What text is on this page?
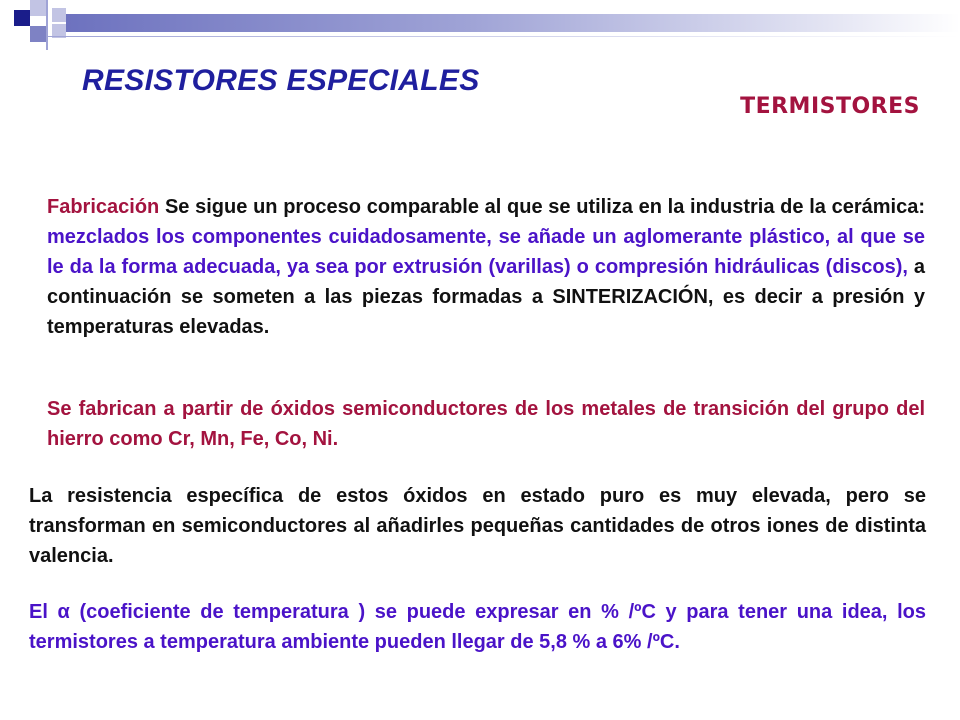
RESISTORES ESPECIALES
TERMISTORES

Fabricación Se sigue un proceso comparable al que se utiliza en la industria de la cerámica: mezclados los componentes cuidadosamente, se añade un aglomerante plástico, al que se le da la forma adecuada, ya sea por extrusión (varillas) o compresión hidráulicas (discos), a continuación se someten a las piezas formadas a SINTERIZACIÓN, es decir a presión y temperaturas elevadas.

Se fabrican a partir de óxidos semiconductores de los metales de transición del grupo del hierro como Cr, Mn, Fe, Co, Ni.

La resistencia específica de estos óxidos en estado puro es muy elevada, pero se transforman en semiconductores al añadirles pequeñas cantidades de otros iones de distinta valencia.

El α (coeficiente de temperatura ) se puede expresar en % /ºC y para tener una idea, los termistores a temperatura ambiente pueden llegar de 5,8 % a 6% /ºC.
